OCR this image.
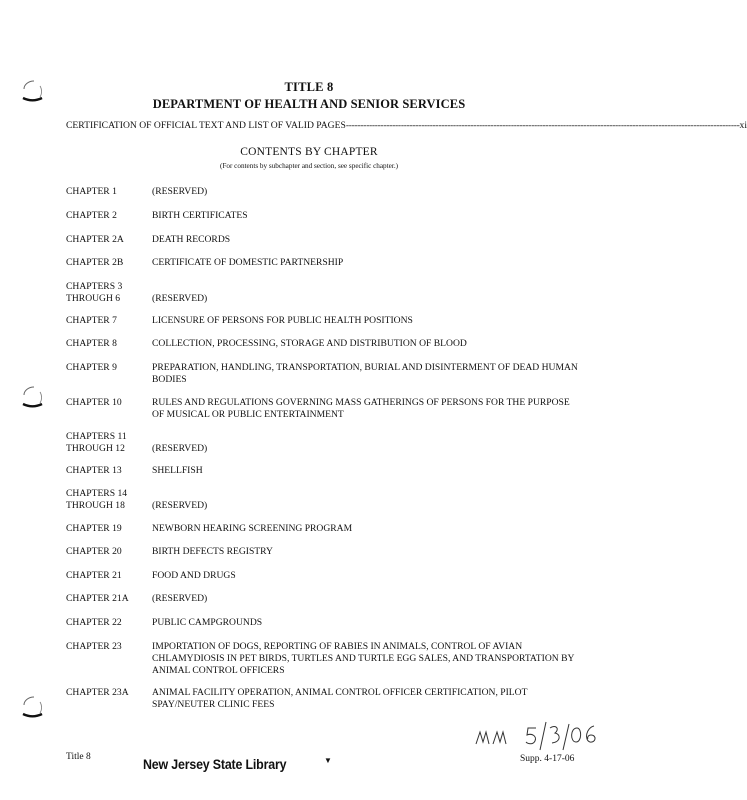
TITLE 8
DEPARTMENT OF HEALTH AND SENIOR SERVICES
CERTIFICATION OF OFFICIAL TEXT AND LIST OF VALID PAGES ---------------------------------------------------------------------------------------------------------------------------------------- xi
CONTENTS BY CHAPTER
(For contents by subchapter and section, see specific chapter.)
CHAPTER 1	(RESERVED)
CHAPTER 2	BIRTH CERTIFICATES
CHAPTER 2A	DEATH RECORDS
CHAPTER 2B	CERTIFICATE OF DOMESTIC PARTNERSHIP
CHAPTERS 3
THROUGH 6	(RESERVED)
CHAPTER 7	LICENSURE OF PERSONS FOR PUBLIC HEALTH POSITIONS
CHAPTER 8	COLLECTION, PROCESSING, STORAGE AND DISTRIBUTION OF BLOOD
CHAPTER 9	PREPARATION, HANDLING, TRANSPORTATION, BURIAL AND DISINTERMENT OF DEAD HUMAN BODIES
CHAPTER 10	RULES AND REGULATIONS GOVERNING MASS GATHERINGS OF PERSONS FOR THE PURPOSE OF MUSICAL OR PUBLIC ENTERTAINMENT
CHAPTERS 11
THROUGH 12	(RESERVED)
CHAPTER 13	SHELLFISH
CHAPTERS 14
THROUGH 18	(RESERVED)
CHAPTER 19	NEWBORN HEARING SCREENING PROGRAM
CHAPTER 20	BIRTH DEFECTS REGISTRY
CHAPTER 21	FOOD AND DRUGS
CHAPTER 21A	(RESERVED)
CHAPTER 22	PUBLIC CAMPGROUNDS
CHAPTER 23	IMPORTATION OF DOGS, REPORTING OF RABIES IN ANIMALS, CONTROL OF AVIAN CHLAMYDIOSIS IN PET BIRDS, TURTLES AND TURTLE EGG SALES, AND TRANSPORTATION BY ANIMAL CONTROL OFFICERS
CHAPTER 23A	ANIMAL FACILITY OPERATION, ANIMAL CONTROL OFFICER CERTIFICATION, PILOT SPAY/NEUTER CLINIC FEES
Title 8	New Jersey State Library	▼	Supp. 4-17-06
